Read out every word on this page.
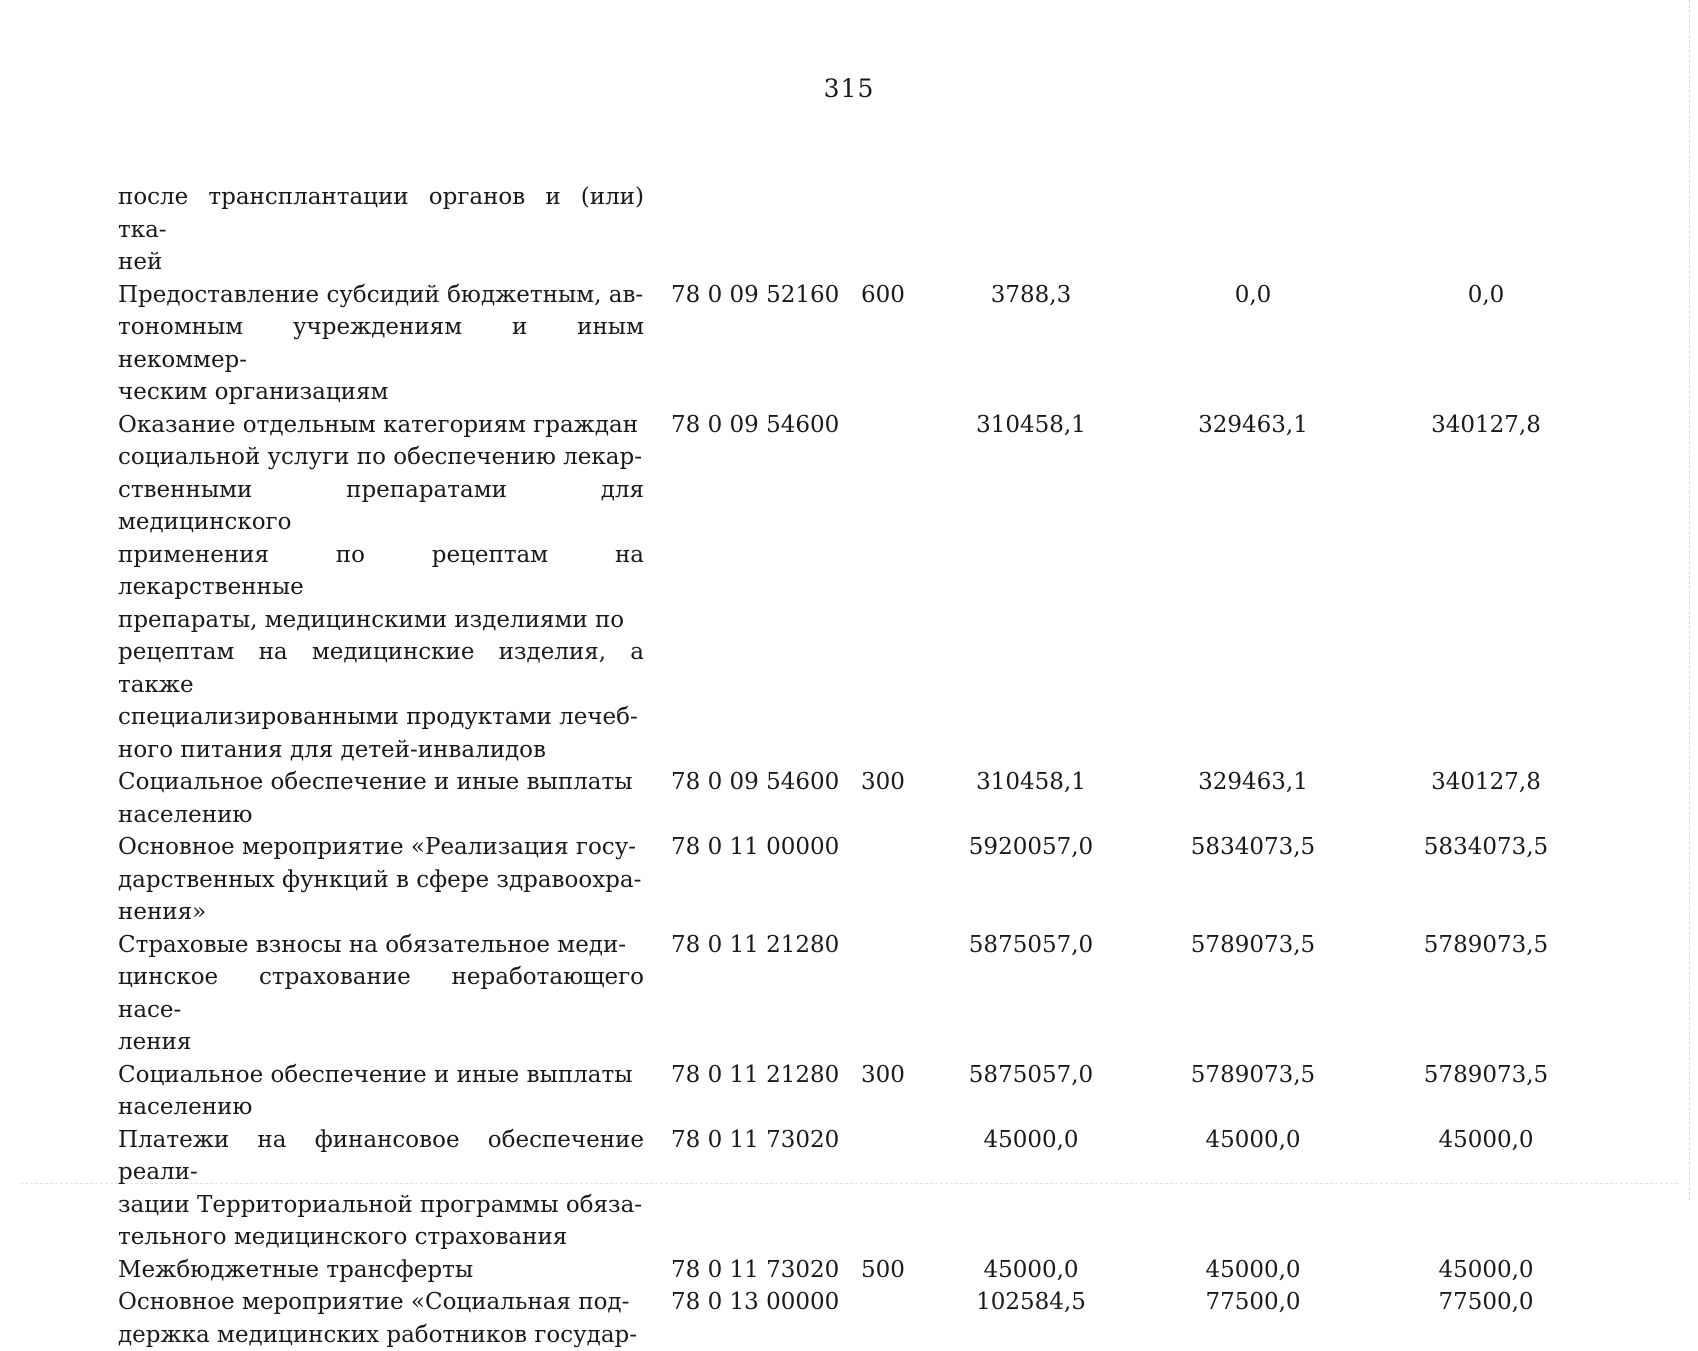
315
после трансплантации органов и (или) тка-
ней
Предоставление субсидий бюджетным, ав-
тономным учреждениям и иным некоммер-
ческим организациям
78 0 09 52160 600	3788,3	0,0	0,0
Оказание отдельным категориям граждан
социальной услуги по обеспечению лекар-
ственными препаратами для медицинского
применения по рецептам на лекарственные
препараты, медицинскими изделиями по
рецептам на медицинские изделия, а также
специализированными продуктами лечеб-
ного питания для детей-инвалидов
78 0 09 54600	310458,1	329463,1	340127,8
Социальное обеспечение и иные выплаты
населению
78 0 09 54600 300	310458,1	329463,1	340127,8
Основное мероприятие «Реализация госу-
дарственных функций в сфере здравоохра-
нения»
78 0 11 00000	5920057,0	5834073,5	5834073,5
Страховые взносы на обязательное меди-
цинское страхование неработающего насе-
ления
78 0 11 21280	5875057,0	5789073,5	5789073,5
Социальное обеспечение и иные выплаты
населению
78 0 11 21280 300	5875057,0	5789073,5	5789073,5
Платежи на финансовое обеспечение реали-
зации Территориальной программы обяза-
тельного медицинского страхования
78 0 11 73020	45000,0	45000,0	45000,0
Межбюджетные трансферты	78 0 11 73020 500	45000,0	45000,0	45000,0
Основное мероприятие «Социальная под-
держка медицинских работников государ-
78 0 13 00000	102584,5	77500,0	77500,0
